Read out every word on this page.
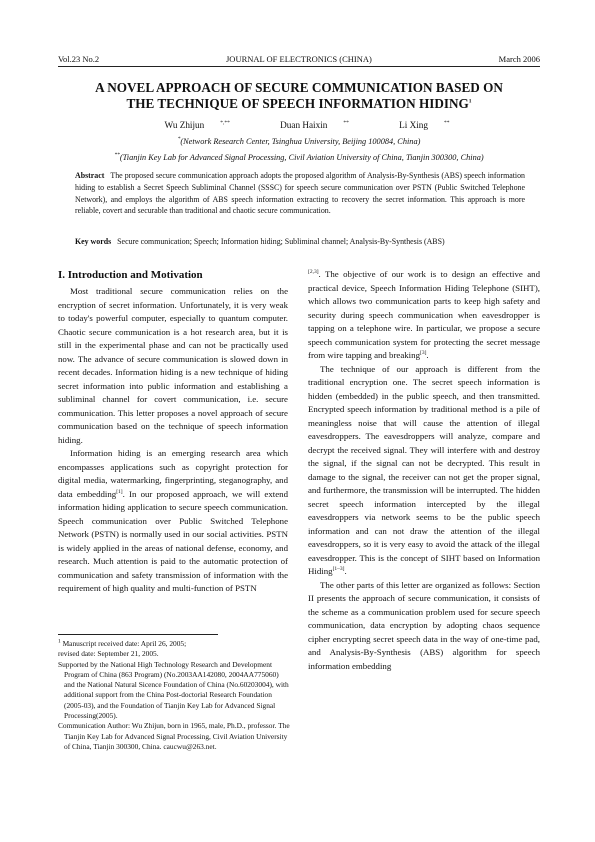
Vol.23 No.2	JOURNAL OF ELECTRONICS (CHINA)	March 2006
A NOVEL APPROACH OF SECURE COMMUNICATION BASED ON
THE TECHNIQUE OF SPEECH INFORMATION HIDING$^1$
Wu Zhijun	*,**	Duan Haixin	**	Li Xing	**
*(Network Research Center, Tsinghua University, Beijing 100084, China)
**(Tianjin Key Lab for Advanced Signal Processing, Civil Aviation University of China, Tianjin 300300, China)
Abstract The proposed secure communication approach adopts the proposed algorithm of Analysis-By-Synthesis (ABS) speech information hiding to establish a Secret Speech Subliminal Channel (SSSC) for speech secure communication over PSTN (Public Switched Telephone Network), and employs the algorithm of ABS speech information extracting to recovery the secret information. This approach is more reliable, covert and securable than traditional and chaotic secure communication.
Key words Secure communication; Speech; Information hiding; Subliminal channel; Analysis-By-Synthesis (ABS)
I. Introduction and Motivation

Most traditional secure communication relies on the encryption of secret information. Unfortunately, it is very weak to today's powerful computer, especially to quantum computer. Chaotic secure communication is a hot research area, but it is still in the experimental phase and can not be practically used now. The advance of secure communication is slowed down in recent decades. Information hiding is a new technique of hiding secret information into public information and establishing a subliminal channel for covert communication, i.e. secure communication. This letter proposes a novel approach of secure communication based on the technique of speech information hiding.

Information hiding is an emerging research area which encompasses applications such as copyright protection for digital media, watermarking, fingerprinting, steganography, and data embedding[1]. In our proposed approach, we will extend information hiding application to secure speech communication. Speech communication over Public Switched Telephone Network (PSTN) is normally used in our social activities. PSTN is widely applied in the areas of national defense, economy, and research. Much attention is paid to the automatic protection of communication and safety transmission of information with the requirement of high quality and multi-function of PSTN

[2,3]. The objective of our work is to design an effective and practical device, Speech Information Hiding Telephone (SIHT), which allows two communication parts to keep high safety and security during speech communication when eavesdropper is tapping on a telephone wire. In particular, we propose a secure speech communication system for protecting the secret message from wire tapping and breaking[3].

The technique of our approach is different from the traditional encryption one. The secret speech information is hidden (embedded) in the public speech, and then transmitted. Encrypted speech information by traditional method is a pile of meaningless noise that will cause the attention of illegal eavesdroppers. The eavesdroppers will analyze, compare and decrypt the received signal. They will interfere with and destroy the signal, if the signal can not be decrypted. This result in damage to the signal, the receiver can not get the proper signal, and furthermore, the transmission will be interrupted. The hidden secret speech information intercepted by the illegal eavesdroppers via network seems to be the public speech information and can not draw the attention of the illegal eavesdroppers, so it is very easy to avoid the attack of the illegal eavesdropper. This is the concept of SIHT based on Information Hiding[1–3].

The other parts of this letter are organized as follows: Section II presents the approach of secure communication, it consists of the scheme as a communication problem used for secure speech communication, data encryption by adopting chaos sequence cipher encrypting secret speech data in the way of one-time pad, and Analysis-By-Synthesis (ABS) algorithm for speech information embedding

$^1$ Manuscript received date: April 26, 2005;
revised date: September 21, 2005.
Supported by the National High Technology Research and Development Program of China (863 Program) (No.2003AA142080, 2004AA775060) and the National Natural Sicence Foundation of China (No.60203004), with additional support from the China Post-doctorial Research Foundation (2005-03), and the Foundation of Tianjin Key Lab for Advanced Signal Processing(2005).
Communication Author: Wu Zhijun, born in 1965, male, Ph.D., professor. The Tianjin Key Lab for Advanced Signal Processing, Civil Aviation University of China, Tianjin 300300, China. caucwu@263.net.
